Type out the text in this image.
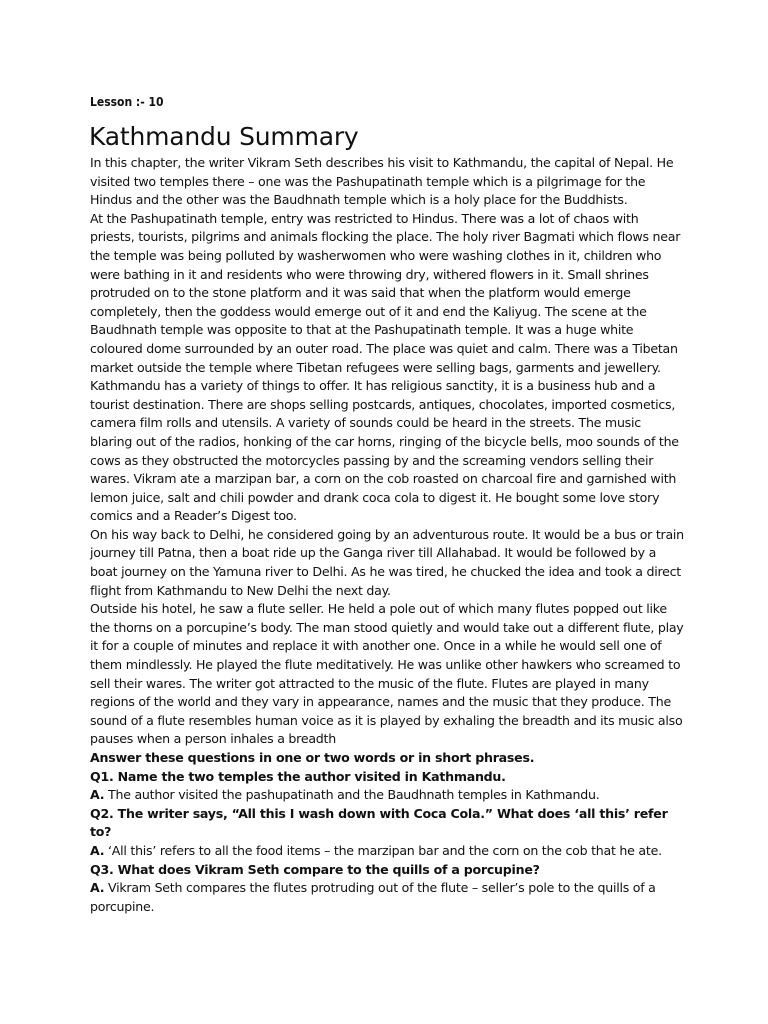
Lesson :- 10

Kathmandu Summary

In this chapter, the writer Vikram Seth describes his visit to Kathmandu, the capital of Nepal. He visited two temples there – one was the Pashupatinath temple which is a pilgrimage for the Hindus and the other was the Baudhnath temple which is a holy place for the Buddhists.

At the Pashupatinath temple, entry was restricted to Hindus. There was a lot of chaos with priests, tourists, pilgrims and animals flocking the place. The holy river Bagmati which flows near the temple was being polluted by washerwomen who were washing clothes in it, children who were bathing in it and residents who were throwing dry, withered flowers in it. Small shrines protruded on to the stone platform and it was said that when the platform would emerge completely, then the goddess would emerge out of it and end the Kaliyug. The scene at the Baudhnath temple was opposite to that at the Pashupatinath temple. It was a huge white coloured dome surrounded by an outer road. The place was quiet and calm. There was a Tibetan market outside the temple where Tibetan refugees were selling bags, garments and jewellery.

Kathmandu has a variety of things to offer. It has religious sanctity, it is a business hub and a tourist destination. There are shops selling postcards, antiques, chocolates, imported cosmetics, camera film rolls and utensils. A variety of sounds could be heard in the streets. The music blaring out of the radios, honking of the car horns, ringing of the bicycle bells, moo sounds of the cows as they obstructed the motorcycles passing by and the screaming vendors selling their wares. Vikram ate a marzipan bar, a corn on the cob roasted on charcoal fire and garnished with lemon juice, salt and chili powder and drank coca cola to digest it. He bought some love story comics and a Reader’s Digest too.

On his way back to Delhi, he considered going by an adventurous route. It would be a bus or train journey till Patna, then a boat ride up the Ganga river till Allahabad. It would be followed by a boat journey on the Yamuna river to Delhi. As he was tired, he chucked the idea and took a direct flight from Kathmandu to New Delhi the next day.

Outside his hotel, he saw a flute seller. He held a pole out of which many flutes popped out like the thorns on a porcupine’s body. The man stood quietly and would take out a different flute, play it for a couple of minutes and replace it with another one. Once in a while he would sell one of them mindlessly. He played the flute meditatively. He was unlike other hawkers who screamed to sell their wares. The writer got attracted to the music of the flute. Flutes are played in many regions of the world and they vary in appearance, names and the music that they produce. The sound of a flute resembles human voice as it is played by exhaling the breadth and its music also pauses when a person inhales a breadth

Answer these questions in one or two words or in short phrases.

Q1. Name the two temples the author visited in Kathmandu.

A. The author visited the pashupatinath and the Baudhnath temples in Kathmandu.

Q2. The writer says, “All this I wash down with Coca Cola.” What does ‘all this’ refer to?

A. ‘All this’ refers to all the food items – the marzipan bar and the corn on the cob that he ate.

Q3. What does Vikram Seth compare to the quills of a porcupine?

A. Vikram Seth compares the flutes protruding out of the flute – seller’s pole to the quills of a porcupine.
